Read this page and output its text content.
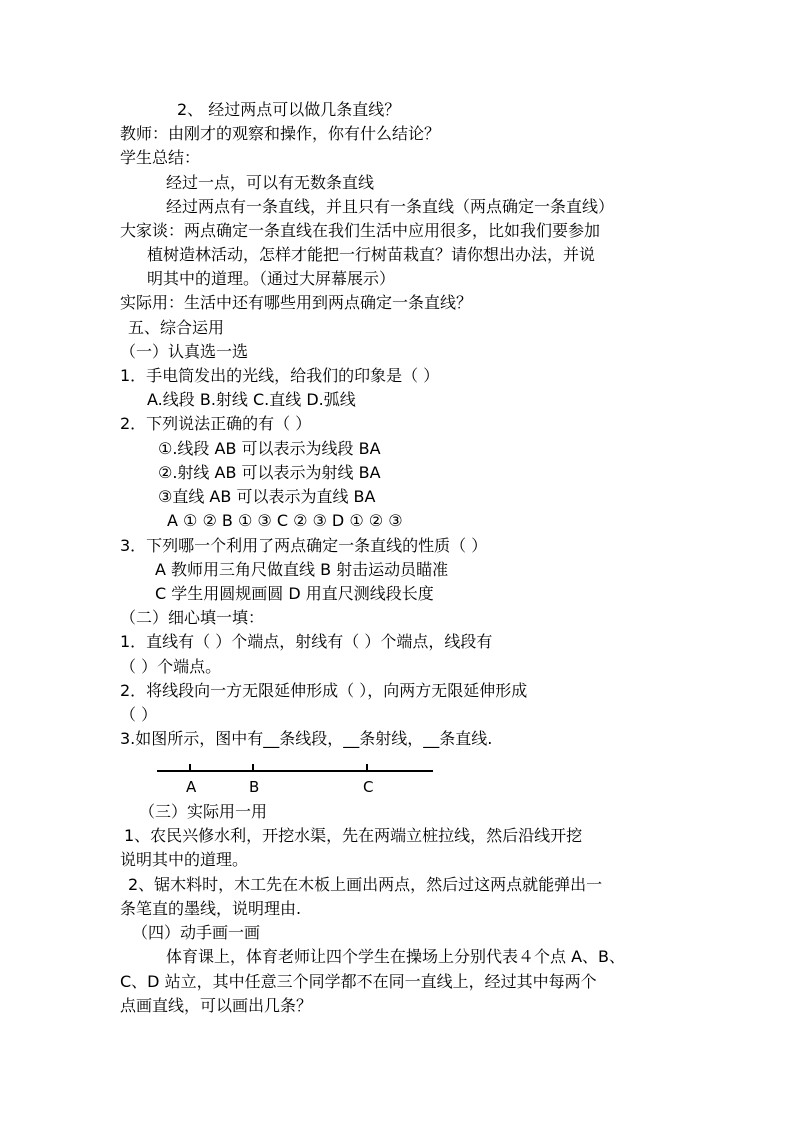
2、 经过两点可以做几条直线？
教师：由刚才的观察和操作，你有什么结论？
学生总结：
经过一点，可以有无数条直线
经过两点有一条直线，并且只有一条直线（两点确定一条直线）
大家谈：两点确定一条直线在我们生活中应用很多，比如我们要参加
植树造林活动，怎样才能把一行树苗栽直？请你想出办法，并说
明其中的道理。（通过大屏幕展示）
实际用：生活中还有哪些用到两点确定一条直线？
五、综合运用
（一）认真选一选
1．手电筒发出的光线，给我们的印象是（ ）
A.线段 B.射线 C.直线 D.弧线
2．下列说法正确的有（ ）
①.线段 AB 可以表示为线段 BA
②.射线 AB 可以表示为射线 BA
③直线 AB 可以表示为直线 BA
A ① ② B ① ③ C ② ③ D ① ② ③
3．下列哪一个利用了两点确定一条直线的性质（ ）
A 教师用三角尺做直线 B 射击运动员瞄准
C 学生用圆规画圆 D 用直尺测线段长度
（二）细心填一填：
1．直线有（ ）个端点，射线有（ ）个端点，线段有
（ ）个端点。
2．将线段向一方无限延伸形成（ ），向两方无限延伸形成
（ ）
3.如图所示，图中有__条线段，__条射线，__条直线.
（三）实际用一用
1、农民兴修水利，开挖水渠，先在两端立桩拉线，然后沿线开挖
说明其中的道理。
2、锯木料时，木工先在木板上画出两点，然后过这两点就能弹出一
条笔直的墨线，说明理由.
（四）动手画一画
体育课上，体育老师让四个学生在操场上分别代表４个点 A、B、
C、D 站立，其中任意三个同学都不在同一直线上，经过其中每两个
点画直线，可以画出几条？
A	B	C
